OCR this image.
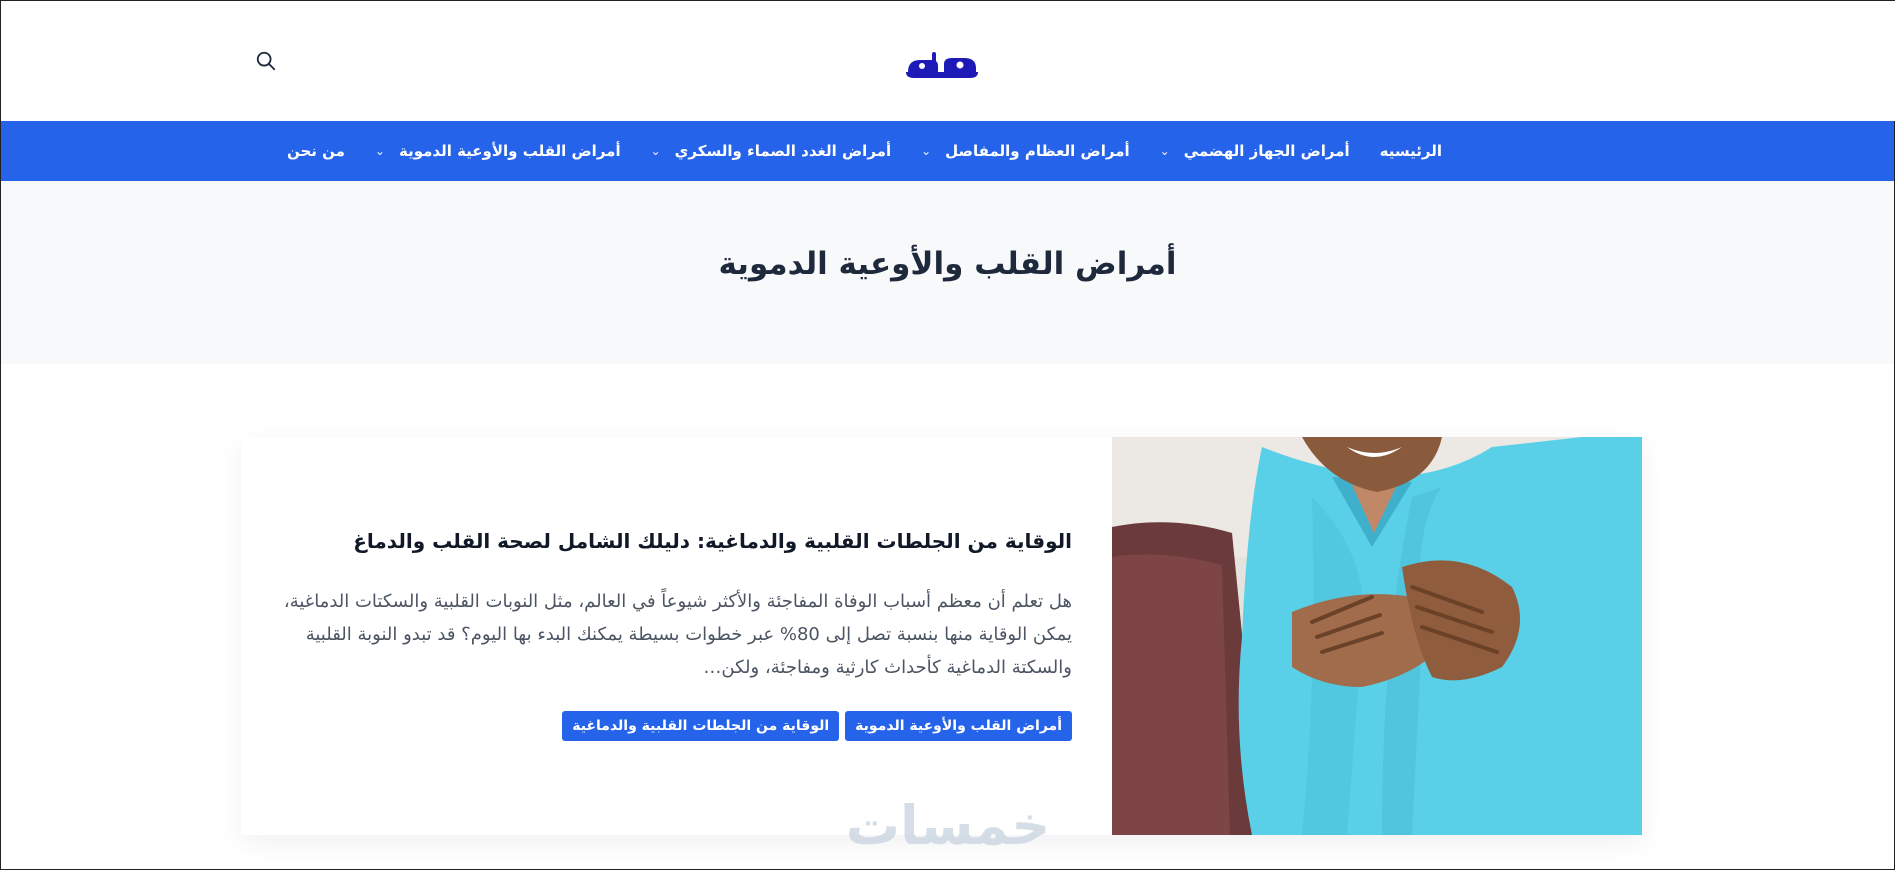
الرئيسيه
أمراض الجهاز الهضمي
⌄
أمراض العظام والمفاصل
⌄
أمراض الغدد الصماء والسكري
⌄
أمراض القلب والأوعية الدموية
⌄
من نحن
أمراض القلب والأوعية الدموية
الوقاية من الجلطات القلبية والدماغية: دليلك الشامل لصحة القلب والدماغ

هل تعلم أن معظم أسباب الوفاة المفاجئة والأكثر شيوعاً في العالم، مثل النوبات القلبية والسكتات الدماغية، يمكن الوقاية منها بنسبة تصل إلى 80% عبر خطوات بسيطة يمكنك البدء بها اليوم؟ قد تبدو النوبة القلبية والسكتة الدماغية كأحداث كارثية ومفاجئة، ولكن…

أمراض القلب والأوعية الدموية
الوقاية من الجلطات القلبية والدماغية
خمسات
